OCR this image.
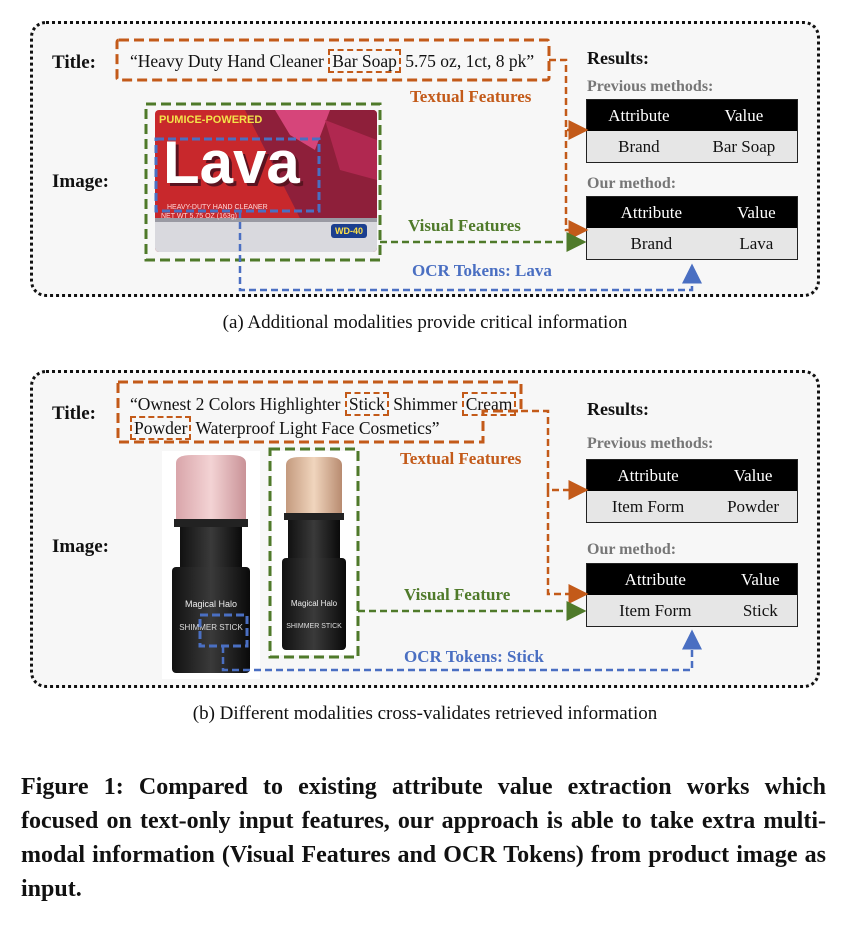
Title:
Image:
“Heavy Duty Hand Cleaner Bar Soap 5.75 oz, 1ct, 8 pk”
PUMICE-POWERED
Lava
HEAVY-DUTY HAND CLEANER
NET WT 5.75 OZ (163g)
WD-40
Textual Features
Visual Features
OCR Tokens: Lava
Results:
Previous methods:
Attribute	Value
Brand	Bar Soap
Our method:
Attribute	Value
Brand	Lava
(a) Additional modalities provide critical information
Title:
Image:
“Ownest 2 Colors Highlighter Stick Shimmer Cream
Powder Waterproof Light Face Cosmetics”
Magical Halo
SHIMMER STICK
Magical Halo
SHIMMER STICK
Textual Features
Visual Feature
OCR Tokens: Stick
Results:
Previous methods:
Attribute	Value
Item Form	Powder
Our method:
Attribute	Value
Item Form	Stick
(b) Different modalities cross-validates retrieved information
Figure 1: Compared to existing attribute value extraction works which focused on text-only input features, our approach is able to take extra multi-modal information (Visual Features and OCR Tokens) from product image as input.
